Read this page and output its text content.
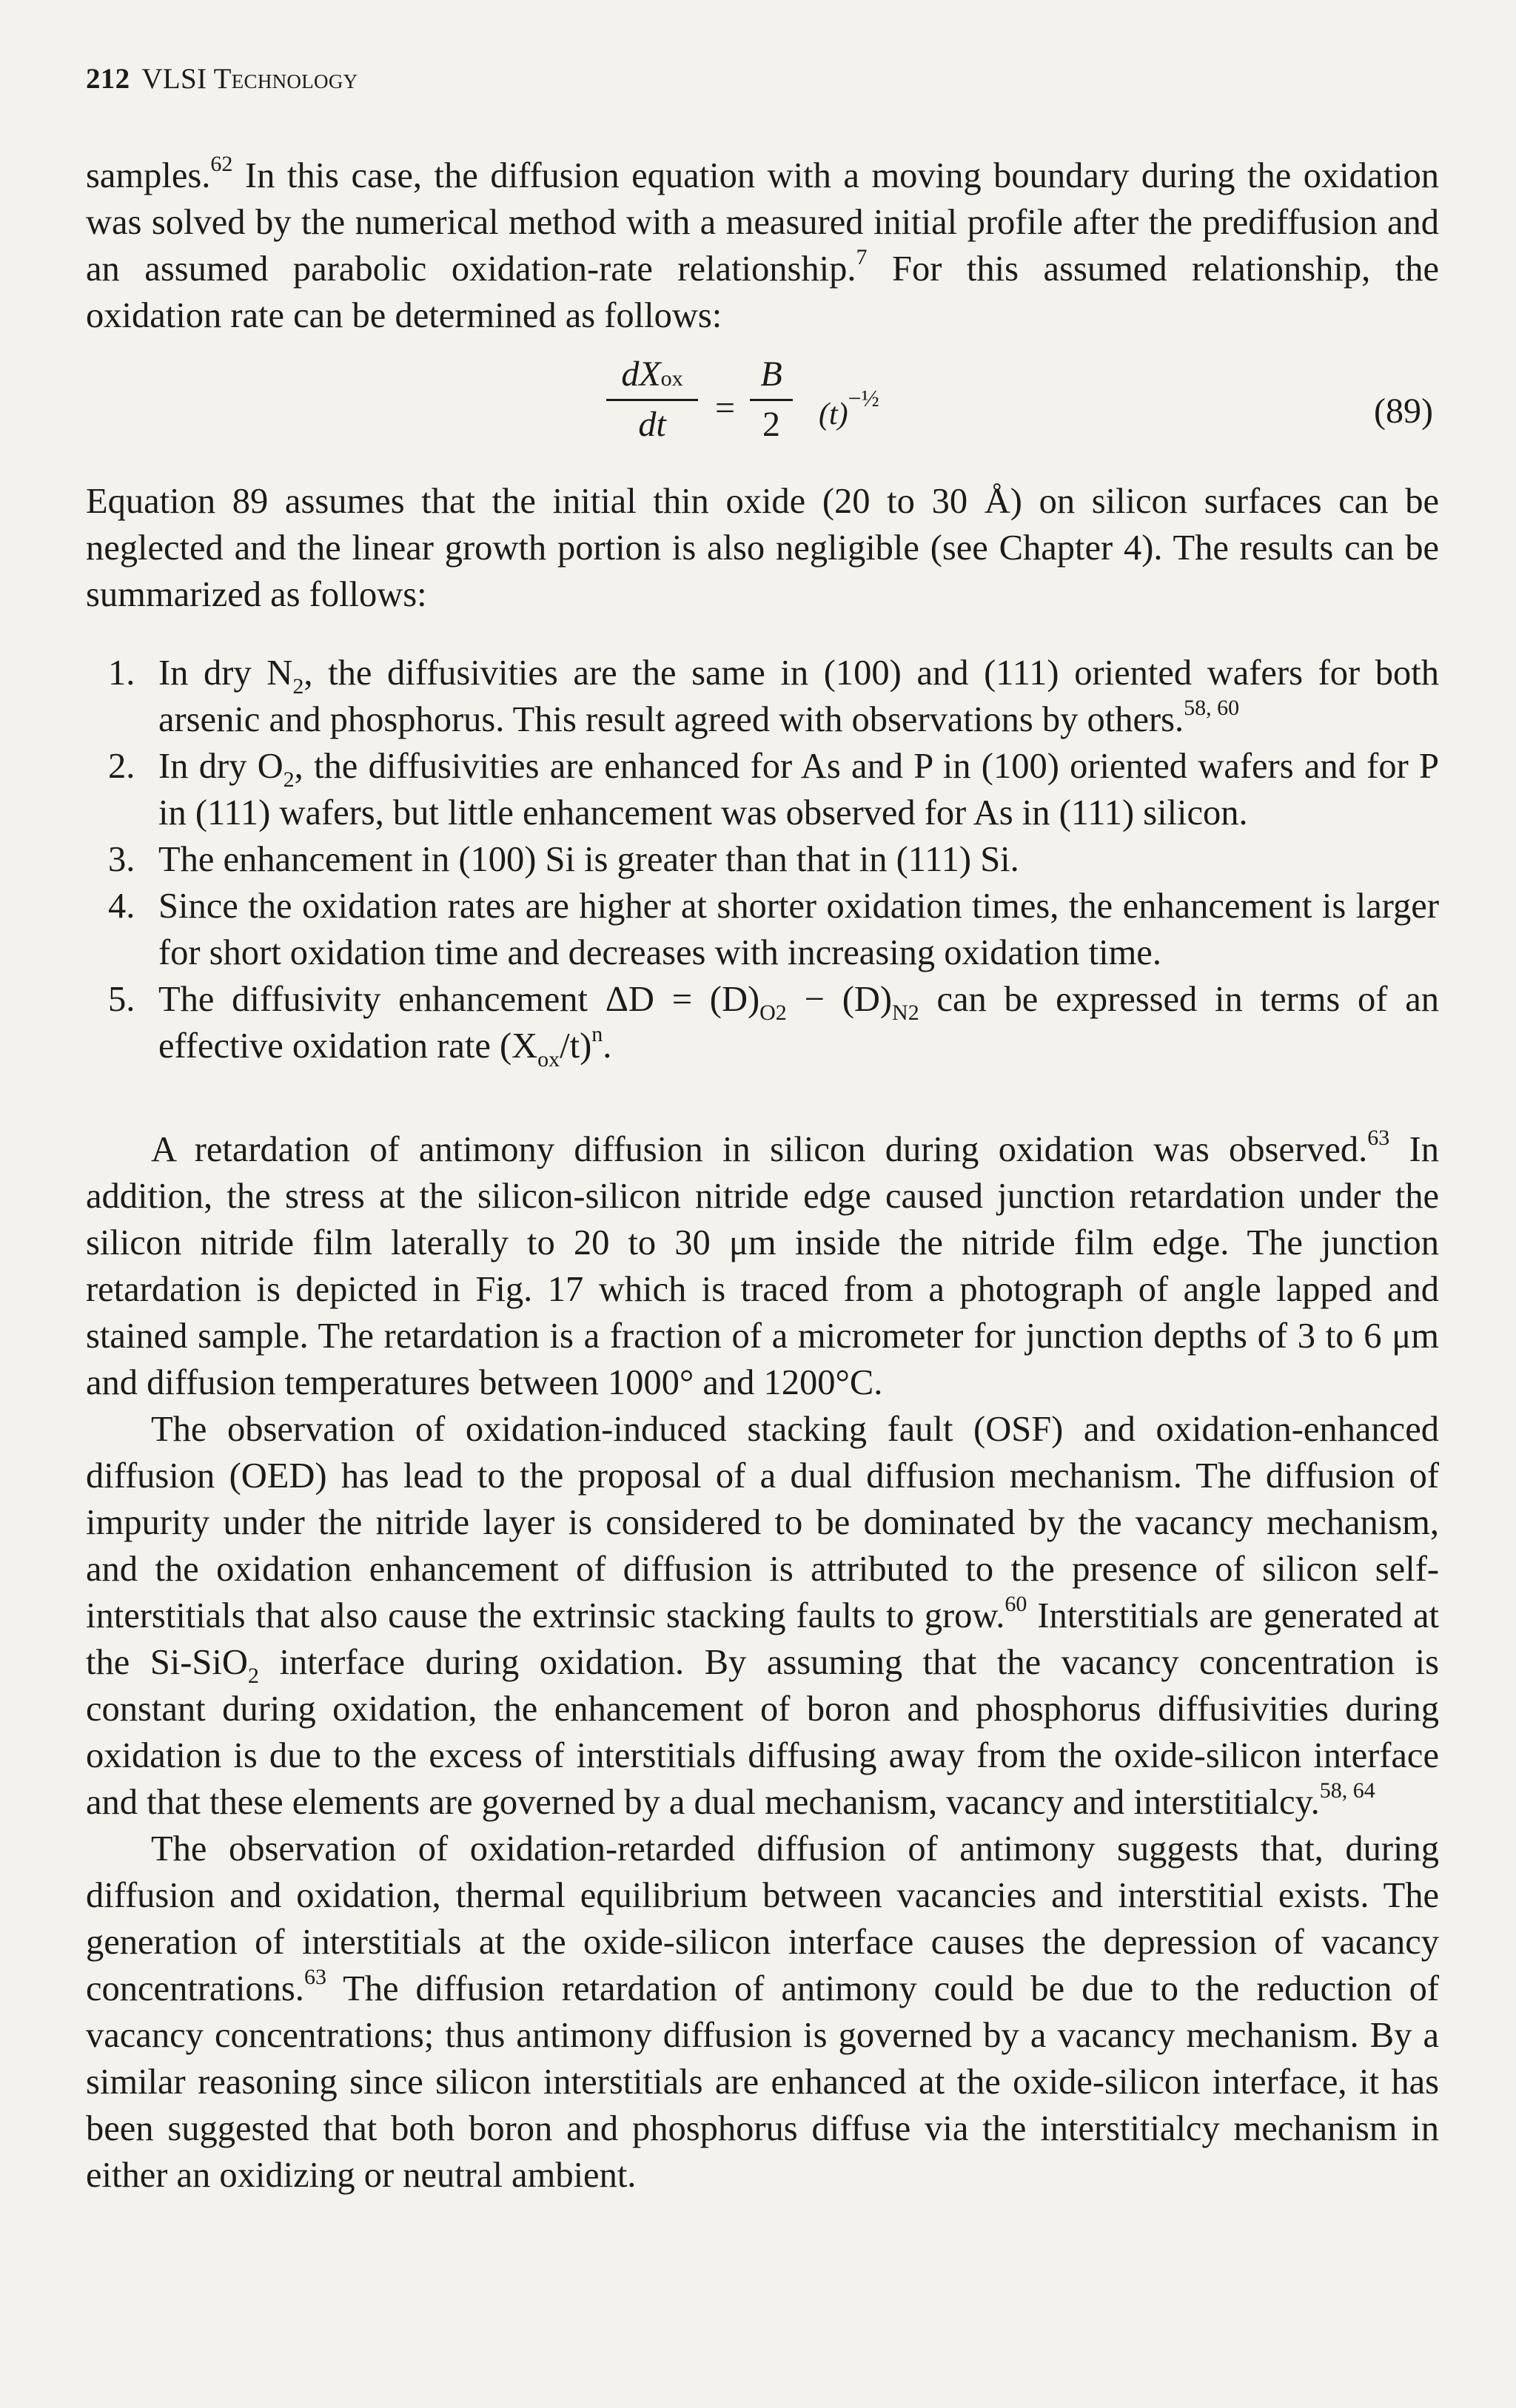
212 VLSI Technology

samples.$^{62}$ In this case, the diffusion equation with a moving boundary during the oxidation was solved by the numerical method with a measured initial profile after the prediffusion and an assumed parabolic oxidation-rate relationship.$^7$ For this assumed relationship, the oxidation rate can be determined as follows:

dXox
dt	=
B
2	$(t)^{-\frac{1}{2}}$	(89)

Equation 89 assumes that the initial thin oxide (20 to 30 Å) on silicon surfaces can be neglected and the linear growth portion is also negligible (see Chapter 4). The results can be summarized as follows:

1. In dry $N_2$, the diffusivities are the same in (100) and (111) oriented wafers for both arsenic and phosphorus. This result agreed with observations by others.$^{58, 60}$
2. In dry $O_2$, the diffusivities are enhanced for As and P in (100) oriented wafers and for P in (111) wafers, but little enhancement was observed for As in (111) silicon.
3. The enhancement in (100) Si is greater than that in (111) Si.
4. Since the oxidation rates are higher at shorter oxidation times, the enhancement is larger for short oxidation time and decreases with increasing oxidation time.
5. The diffusivity enhancement $\Delta D = (D)_{O2} - (D)_{N2}$ can be expressed in terms of an effective oxidation rate $(X_{ox}/t)^n$.

A retardation of antimony diffusion in silicon during oxidation was observed.$^{63}$ In addition, the stress at the silicon-silicon nitride edge caused junction retardation under the silicon nitride film laterally to 20 to 30 μm inside the nitride film edge. The junction retardation is depicted in Fig. 17 which is traced from a photograph of angle lapped and stained sample. The retardation is a fraction of a micrometer for junction depths of 3 to 6 μm and diffusion temperatures between 1000° and 1200°C.

The observation of oxidation-induced stacking fault (OSF) and oxidation-enhanced diffusion (OED) has lead to the proposal of a dual diffusion mechanism. The diffusion of impurity under the nitride layer is considered to be dominated by the vacancy mechanism, and the oxidation enhancement of diffusion is attributed to the presence of silicon self-interstitials that also cause the extrinsic stacking faults to grow.$^{60}$ Interstitials are generated at the Si-SiO$_2$ interface during oxidation. By assuming that the vacancy concentration is constant during oxidation, the enhancement of boron and phosphorus diffusivities during oxidation is due to the excess of interstitials diffusing away from the oxide-silicon interface and that these elements are governed by a dual mechanism, vacancy and interstitialcy.$^{58, 64}$

The observation of oxidation-retarded diffusion of antimony suggests that, during diffusion and oxidation, thermal equilibrium between vacancies and interstitial exists. The generation of interstitials at the oxide-silicon interface causes the depression of vacancy concentrations.$^{63}$ The diffusion retardation of antimony could be due to the reduction of vacancy concentrations; thus antimony diffusion is governed by a vacancy mechanism. By a similar reasoning since silicon interstitials are enhanced at the oxide-silicon interface, it has been suggested that both boron and phosphorus diffuse via the interstitialcy mechanism in either an oxidizing or neutral ambient.
